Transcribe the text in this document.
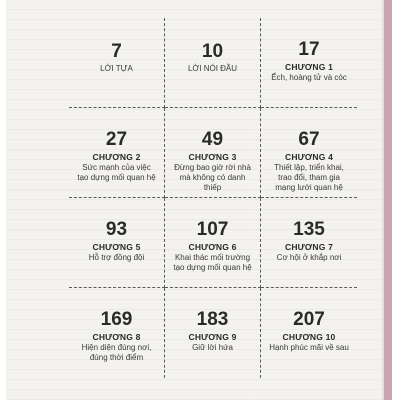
7
LỜI TỰA
10
LỜI NÓI ĐẦU
17
CHƯƠNG 1
Ếch, hoàng tử và cóc
27
CHƯƠNG 2
Sức mạnh của việc tạo dựng mối quan hệ
49
CHƯƠNG 3
Đừng bao giờ rời nhà mà không có danh thiếp
67
CHƯƠNG 4
Thiết lập, triển khai, trao đổi, tham gia mạng lưới quan hệ
93
CHƯƠNG 5
Hỗ trợ đồng đội
107
CHƯƠNG 6
Khai thác mối trường tạo dựng mối quan hệ
135
CHƯƠNG 7
Cơ hội ở khắp nơi
169
CHƯƠNG 8
Hiện diện đúng nơi, đúng thời điểm
183
CHƯƠNG 9
Giữ lời hứa
207
CHƯƠNG 10
Hạnh phúc mãi về sau
